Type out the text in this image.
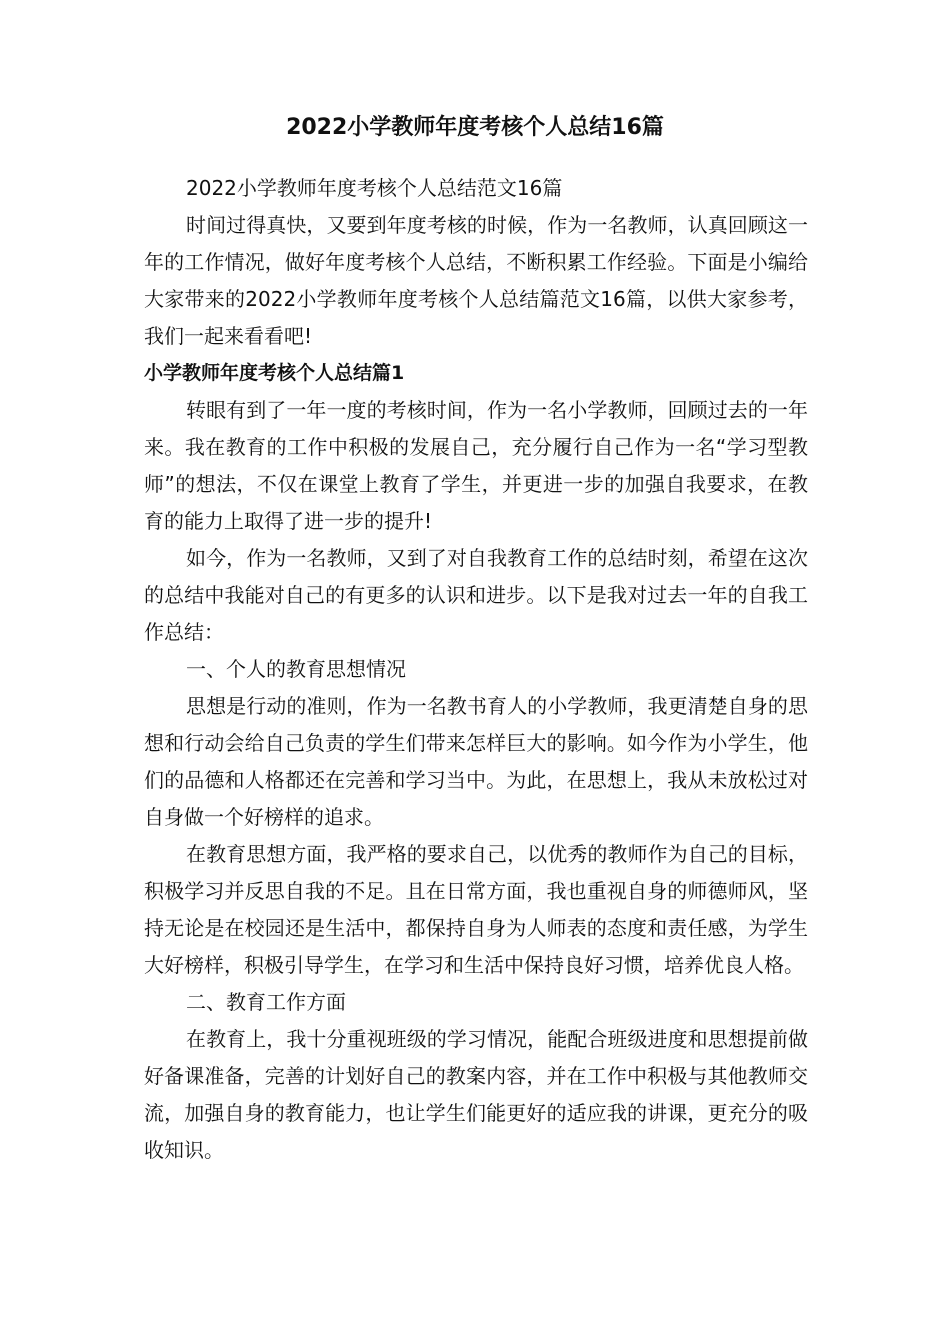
2022小学教师年度考核个人总结16篇

2022小学教师年度考核个人总结范文16篇

时间过得真快，又要到年度考核的时候，作为一名教师，认真回顾这一年的工作情况，做好年度考核个人总结，不断积累工作经验。下面是小编给大家带来的2022小学教师年度考核个人总结篇范文16篇，以供大家参考，我们一起来看看吧!

小学教师年度考核个人总结篇1

转眼有到了一年一度的考核时间，作为一名小学教师，回顾过去的一年来。我在教育的工作中积极的发展自己，充分履行自己作为一名“学习型教师”的想法，不仅在课堂上教育了学生，并更进一步的加强自我要求，在教育的能力上取得了进一步的提升!

如今，作为一名教师，又到了对自我教育工作的总结时刻，希望在这次的总结中我能对自己的有更多的认识和进步。以下是我对过去一年的自我工作总结：

一、个人的教育思想情况

思想是行动的准则，作为一名教书育人的小学教师，我更清楚自身的思想和行动会给自己负责的学生们带来怎样巨大的影响。如今作为小学生，他们的品德和人格都还在完善和学习当中。为此，在思想上，我从未放松过对自身做一个好榜样的追求。

在教育思想方面，我严格的要求自己，以优秀的教师作为自己的目标，积极学习并反思自我的不足。且在日常方面，我也重视自身的师德师风，坚持无论是在校园还是生活中，都保持自身为人师表的态度和责任感，为学生大好榜样，积极引导学生，在学习和生活中保持良好习惯，培养优良人格。

二、教育工作方面

在教育上，我十分重视班级的学习情况，能配合班级进度和思想提前做好备课准备，完善的计划好自己的教案内容，并在工作中积极与其他教师交流，加强自身的教育能力，也让学生们能更好的适应我的讲课，更充分的吸收知识。
